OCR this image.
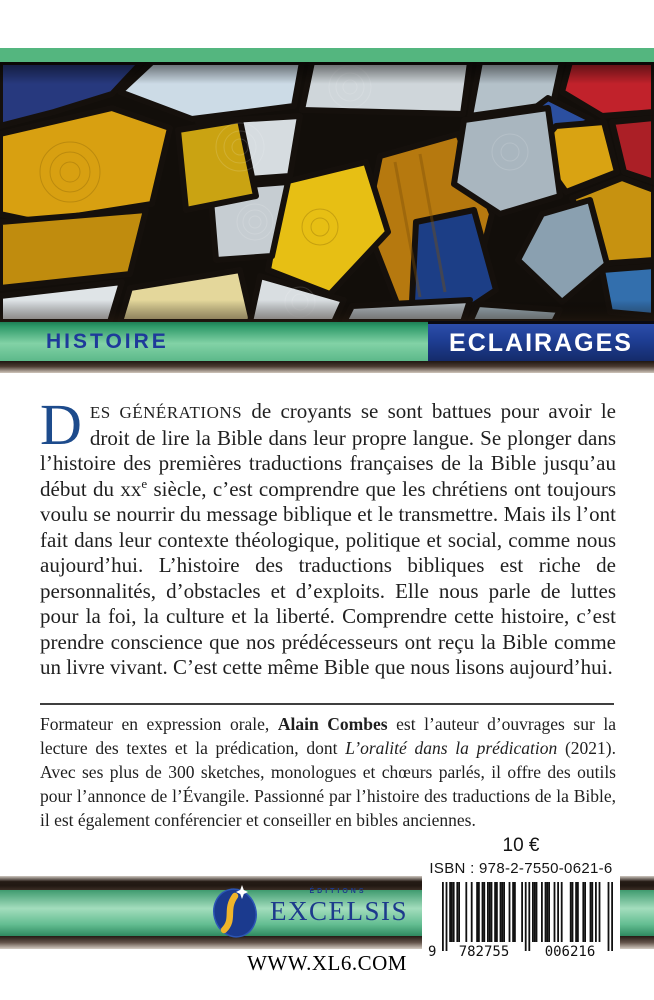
HISTOIRE	ECLAIRAGES

DES GÉNÉRATIONS de croyants se sont battues pour avoir le droit de lire la Bible dans leur propre langue. Se plonger dans l’histoire des premières traductions françaises de la Bible jusqu’au début du $xx^e$ siècle, c’est comprendre que les chrétiens ont toujours voulu se nourrir du message biblique et le transmettre. Mais ils l’ont fait dans leur contexte théologique, politique et social, comme nous aujourd’hui. L’histoire des traductions bibliques est riche de personnalités, d’obstacles et d’exploits. Elle nous parle de luttes pour la foi, la culture et la liberté. Comprendre cette histoire, c’est prendre conscience que nos prédécesseurs ont reçu la Bible comme un livre vivant. C’est cette même Bible que nous lisons aujourd’hui.

Formateur en expression orale, Alain Combes est l’auteur d’ouvrages sur la lecture des textes et la prédication, dont L’oralité dans la prédication (2021). Avec ses plus de 300 sketches, monologues et chœurs parlés, il offre des outils pour l’annonce de l’Évangile. Passionné par l’histoire des traductions de la Bible, il est également conférencier et conseiller en bibles anciennes.

10 €
ÉDITIONS
EXCELSIS
ISBN : 978-2-7550-0621-6
9	782755	006216
WWW.XL6.COM
